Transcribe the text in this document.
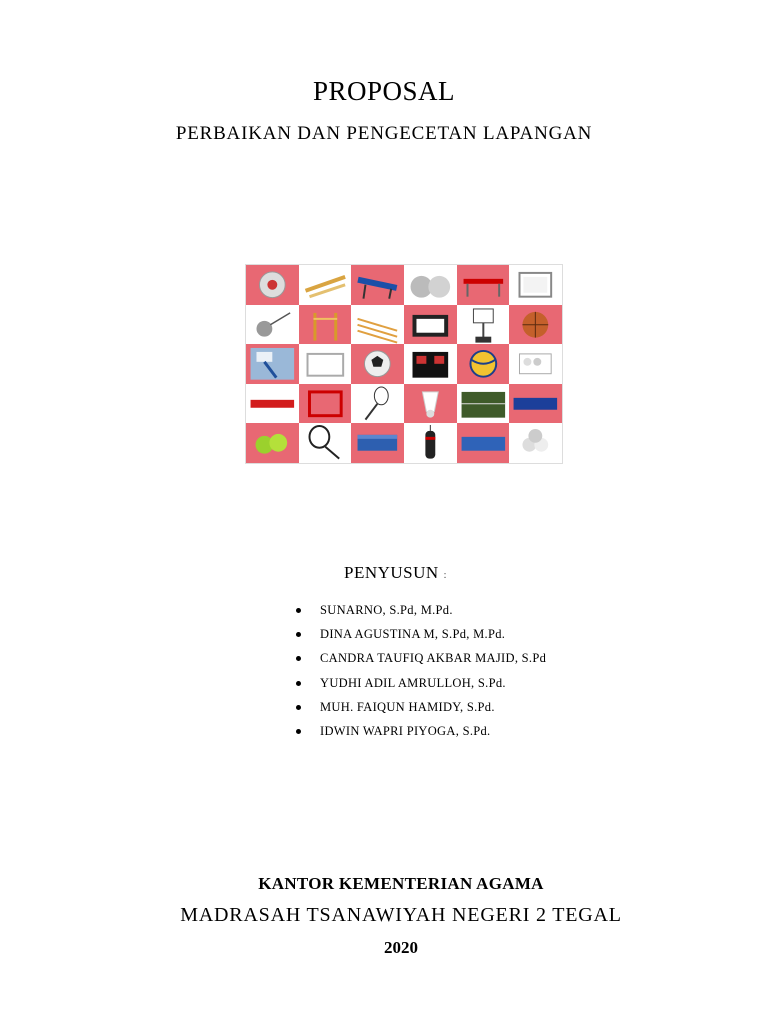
PROPOSAL
PERBAIKAN DAN PENGECETAN LAPANGAN
PENYUSUN :
SUNARNO, S.Pd, M.Pd.
DINA AGUSTINA M, S.Pd, M.Pd.
CANDRA TAUFIQ AKBAR MAJID, S.Pd
YUDHI ADIL AMRULLOH, S.Pd.
MUH. FAIQUN HAMIDY, S.Pd.
IDWIN WAPRI PIYOGA, S.Pd.
KANTOR KEMENTERIAN AGAMA
MADRASAH TSANAWIYAH NEGERI 2 TEGAL
2020
